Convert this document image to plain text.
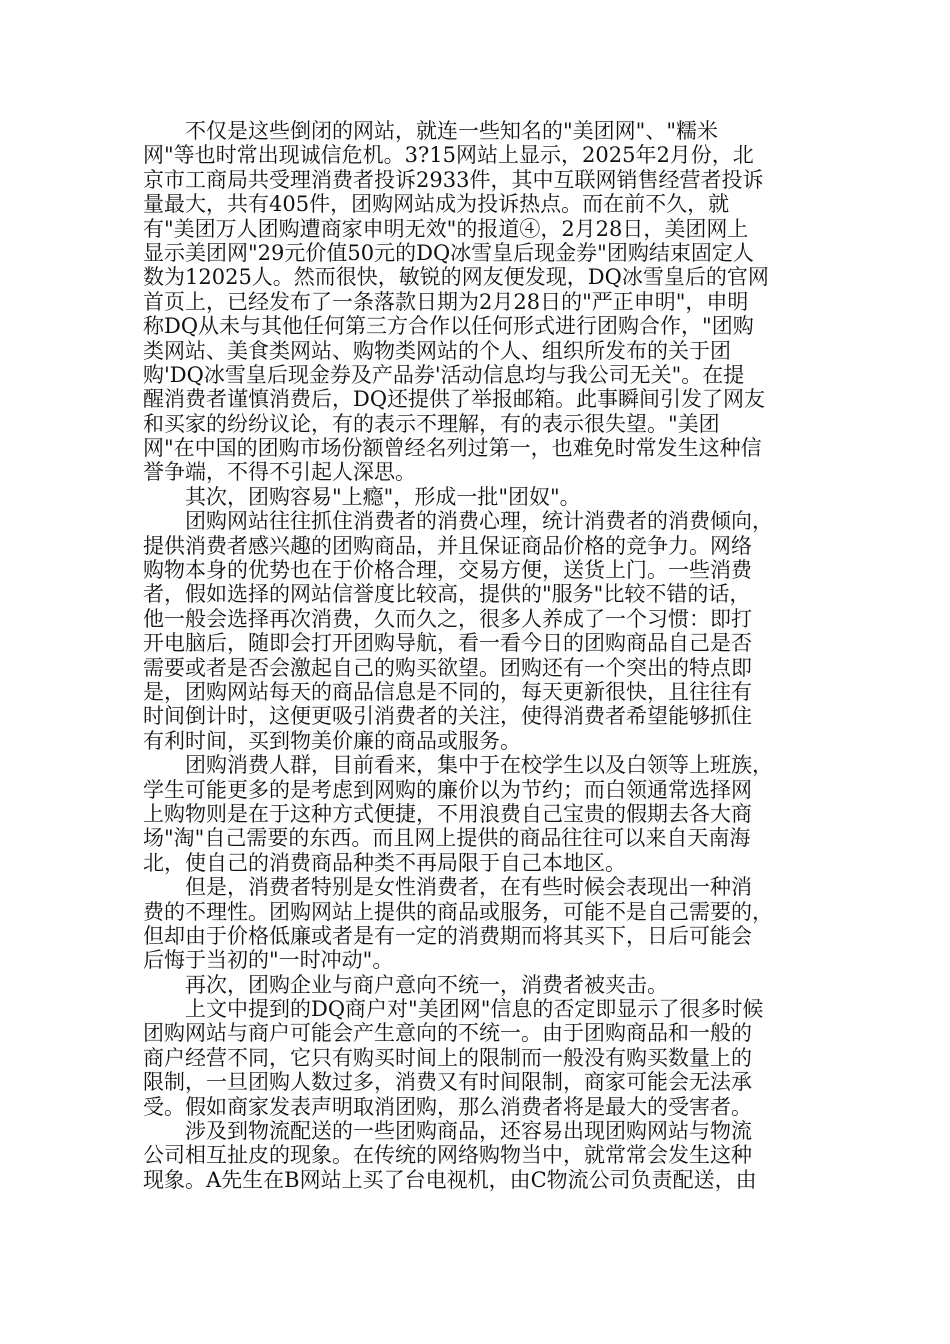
　　不仅是这些倒闭的网站，就连一些知名的"美团网"、"糯米
网"等也时常出现诚信危机。3?15网站上显示，2025年2月份，北
京市工商局共受理消费者投诉2933件，其中互联网销售经营者投诉
量最大，共有405件，团购网站成为投诉热点。而在前不久，就
有"美团万人团购遭商家申明无效"的报道④，2月28日，美团网上
显示美团网"29元价值50元的DQ冰雪皇后现金券"团购结束固定人
数为12025人。然而很快，敏锐的网友便发现，DQ冰雪皇后的官网
首页上，已经发布了一条落款日期为2月28日的"严正申明"，申明
称DQ从未与其他任何第三方合作以任何形式进行团购合作，"团购
类网站、美食类网站、购物类网站的个人、组织所发布的关于团
购'DQ冰雪皇后现金券及产品券'活动信息均与我公司无关"。在提
醒消费者谨慎消费后，DQ还提供了举报邮箱。此事瞬间引发了网友
和买家的纷纷议论，有的表示不理解，有的表示很失望。"美团
网"在中国的团购市场份额曾经名列过第一，也难免时常发生这种信
誉争端，不得不引起人深思。
　　其次，团购容易"上瘾"，形成一批"团奴"。
　　团购网站往往抓住消费者的消费心理，统计消费者的消费倾向，
提供消费者感兴趣的团购商品，并且保证商品价格的竞争力。网络
购物本身的优势也在于价格合理，交易方便，送货上门。一些消费
者，假如选择的网站信誉度比较高，提供的"服务"比较不错的话，
他一般会选择再次消费，久而久之，很多人养成了一个习惯：即打
开电脑后，随即会打开团购导航，看一看今日的团购商品自己是否
需要或者是否会激起自己的购买欲望。团购还有一个突出的特点即
是，团购网站每天的商品信息是不同的，每天更新很快，且往往有
时间倒计时，这便更吸引消费者的关注，使得消费者希望能够抓住
有利时间，买到物美价廉的商品或服务。
　　团购消费人群，目前看来，集中于在校学生以及白领等上班族，
学生可能更多的是考虑到网购的廉价以为节约；而白领通常选择网
上购物则是在于这种方式便捷，不用浪费自己宝贵的假期去各大商
场"淘"自己需要的东西。而且网上提供的商品往往可以来自天南海
北，使自己的消费商品种类不再局限于自己本地区。
　　但是，消费者特别是女性消费者，在有些时候会表现出一种消
费的不理性。团购网站上提供的商品或服务，可能不是自己需要的，
但却由于价格低廉或者是有一定的消费期而将其买下，日后可能会
后悔于当初的"一时冲动"。
　　再次，团购企业与商户意向不统一，消费者被夹击。
　　上文中提到的DQ商户对"美团网"信息的否定即显示了很多时候
团购网站与商户可能会产生意向的不统一。由于团购商品和一般的
商户经营不同，它只有购买时间上的限制而一般没有购买数量上的
限制，一旦团购人数过多，消费又有时间限制，商家可能会无法承
受。假如商家发表声明取消团购，那么消费者将是最大的受害者。
　　涉及到物流配送的一些团购商品，还容易出现团购网站与物流
公司相互扯皮的现象。在传统的网络购物当中，就常常会发生这种
现象。A先生在B网站上买了台电视机，由C物流公司负责配送，由
